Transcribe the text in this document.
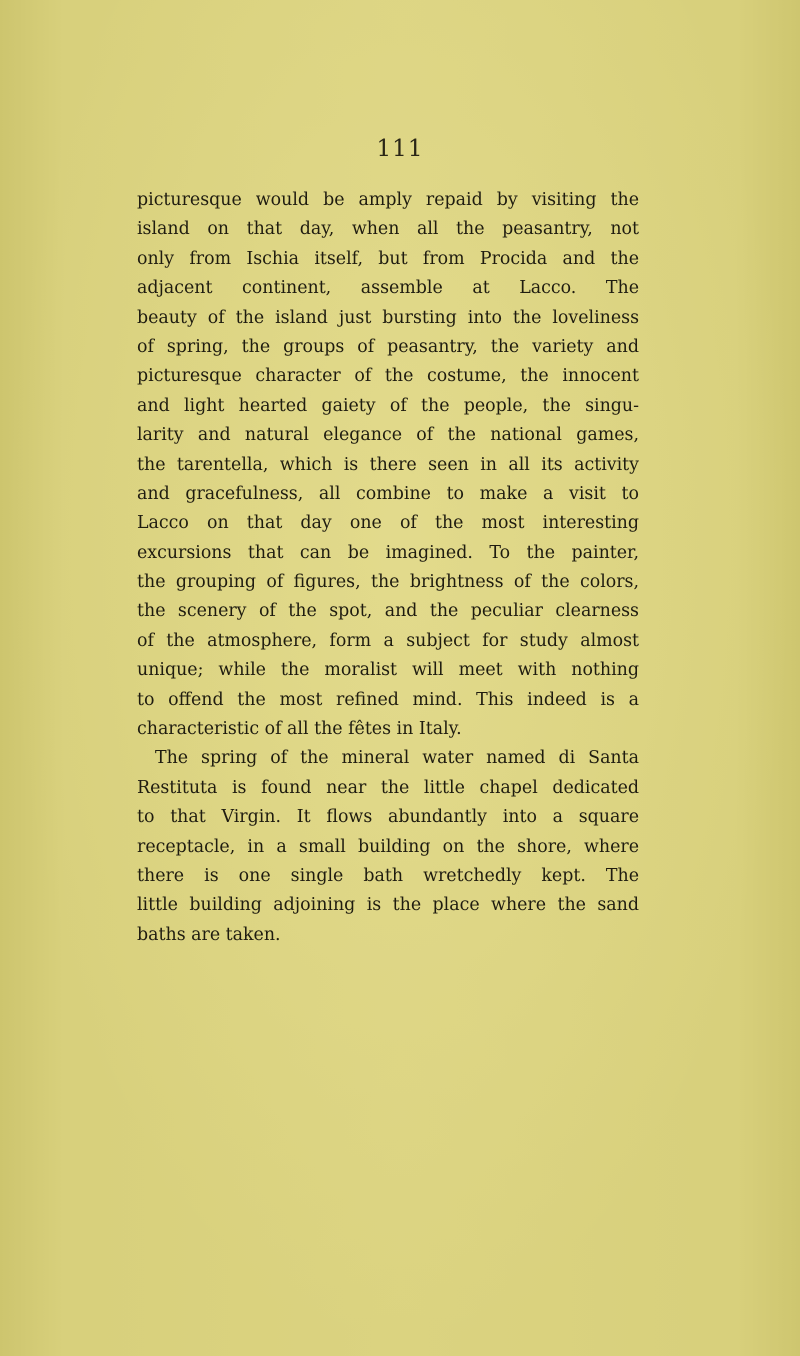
111
picturesque would be amply repaid by visiting the
island on that day, when all the peasantry, not
only from Ischia itself, but from Procida and the
adjacent continent, assemble at Lacco. The
beauty of the island just bursting into the loveliness
of spring, the groups of peasantry, the variety and
picturesque character of the costume, the innocent
and light hearted gaiety of the people, the singu-
larity and natural elegance of the national games,
the tarentella, which is there seen in all its activity
and gracefulness, all combine to make a visit to
Lacco on that day one of the most interesting
excursions that can be imagined. To the painter,
the grouping of figures, the brightness of the colors,
the scenery of the spot, and the peculiar clearness
of the atmosphere, form a subject for study almost
unique; while the moralist will meet with nothing
to offend the most refined mind. This indeed is a
characteristic of all the fêtes in Italy.
The spring of the mineral water named di Santa
Restituta is found near the little chapel dedicated
to that Virgin. It flows abundantly into a square
receptacle, in a small building on the shore, where
there is one single bath wretchedly kept. The
little building adjoining is the place where the sand
baths are taken.
